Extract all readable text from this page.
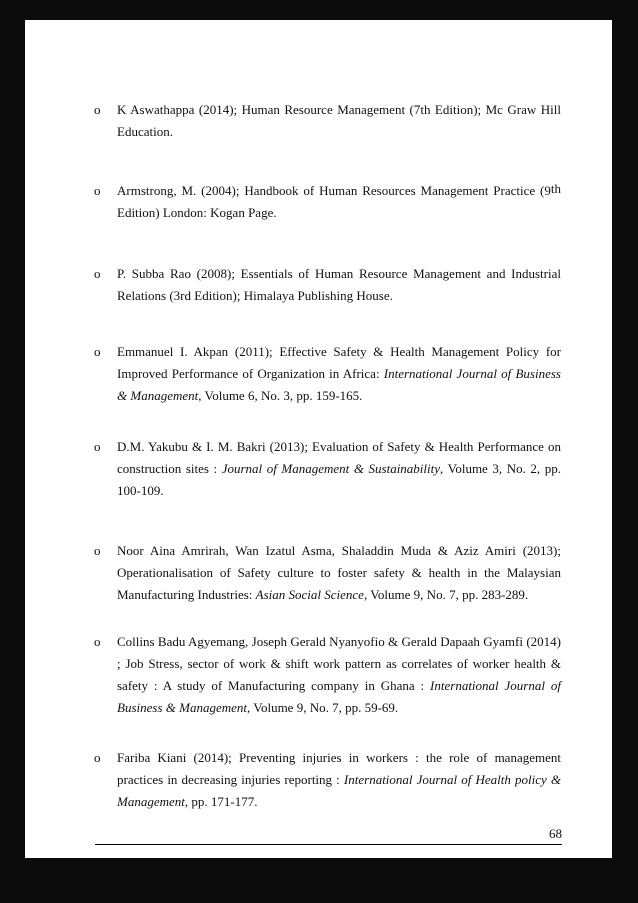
o K Aswathappa (2014); Human Resource Management (7th Edition); Mc Graw Hill Education.
o Armstrong, M. (2004); Handbook of Human Resources Management Practice (9th Edition) London: Kogan Page.
o P. Subba Rao (2008); Essentials of Human Resource Management and Industrial Relations (3rd Edition); Himalaya Publishing House.
o Emmanuel I. Akpan (2011); Effective Safety & Health Management Policy for Improved Performance of Organization in Africa: International Journal of Business & Management, Volume 6, No. 3, pp. 159-165.
o D.M. Yakubu & I. M. Bakri (2013); Evaluation of Safety & Health Performance on construction sites : Journal of Management & Sustainability, Volume 3, No. 2, pp. 100-109.
o Noor Aina Amrirah, Wan Izatul Asma, Shaladdin Muda & Aziz Amiri (2013); Operationalisation of Safety culture to foster safety & health in the Malaysian Manufacturing Industries: Asian Social Science, Volume 9, No. 7, pp. 283-289.
o Collins Badu Agyemang, Joseph Gerald Nyanyofio & Gerald Dapaah Gyamfi (2014) ; Job Stress, sector of work & shift work pattern as correlates of worker health & safety : A study of Manufacturing company in Ghana : International Journal of Business & Management, Volume 9, No. 7, pp. 59-69.
o Fariba Kiani (2014); Preventing injuries in workers : the role of management practices in decreasing injuries reporting : International Journal of Health policy & Management, pp. 171-177.
68
